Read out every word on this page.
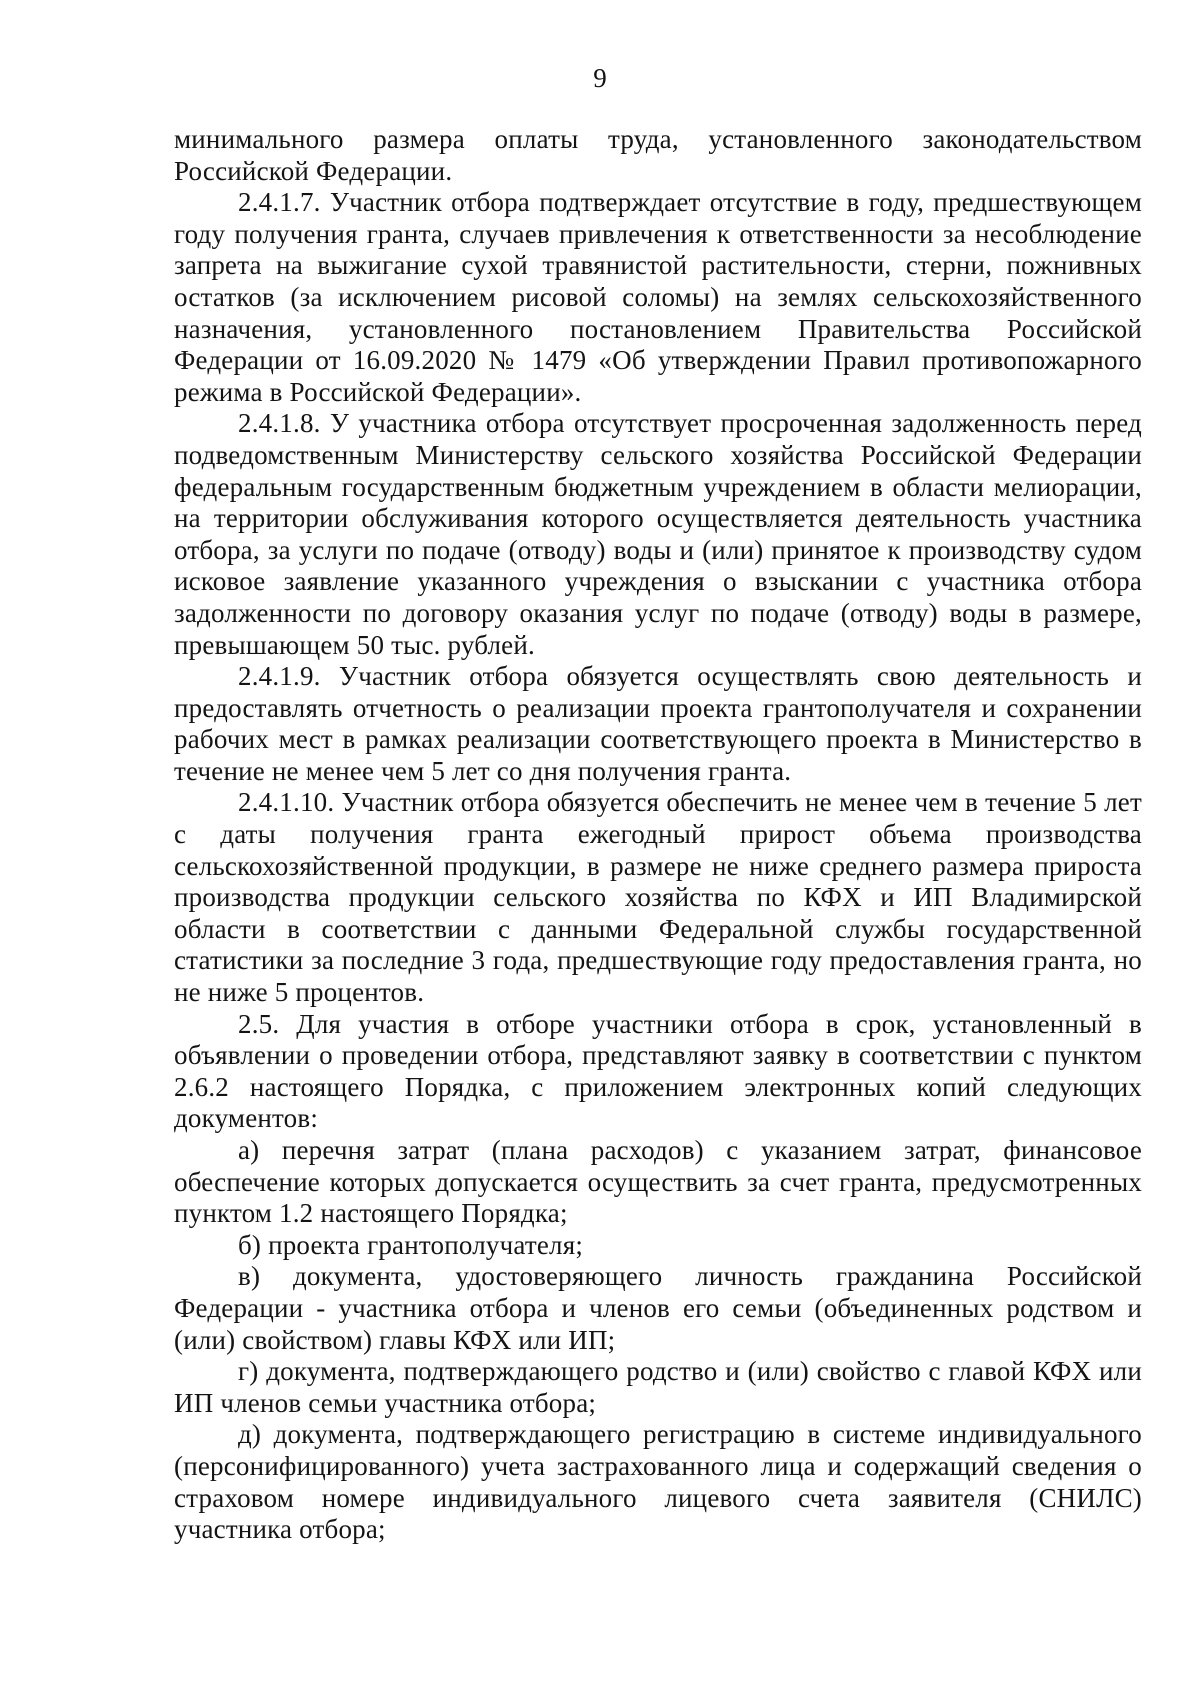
9

минимального размера оплаты труда, установленного законодательством Российской Федерации.

2.4.1.7. Участник отбора подтверждает отсутствие в году, предшествующем году получения гранта, случаев привлечения к ответственности за несоблюдение запрета на выжигание сухой травянистой растительности, стерни, пожнивных остатков (за исключением рисовой соломы) на землях сельскохозяйственного назначения, установленного постановлением Правительства Российской Федерации от 16.09.2020 № 1479 «Об утверждении Правил противопожарного режима в Российской Федерации».

2.4.1.8. У участника отбора отсутствует просроченная задолженность перед подведомственным Министерству сельского хозяйства Российской Федерации федеральным государственным бюджетным учреждением в области мелиорации, на территории обслуживания которого осуществляется деятельность участника отбора, за услуги по подаче (отводу) воды и (или) принятое к производству судом исковое заявление указанного учреждения о взыскании с участника отбора задолженности по договору оказания услуг по подаче (отводу) воды в размере, превышающем 50 тыс. рублей.

2.4.1.9. Участник отбора обязуется осуществлять свою деятельность и предоставлять отчетность о реализации проекта грантополучателя и сохранении рабочих мест в рамках реализации соответствующего проекта в Министерство в течение не менее чем 5 лет со дня получения гранта.

2.4.1.10. Участник отбора обязуется обеспечить не менее чем в течение 5 лет с даты получения гранта ежегодный прирост объема производства сельскохозяйственной продукции, в размере не ниже среднего размера прироста производства продукции сельского хозяйства по КФХ и ИП Владимирской области в соответствии с данными Федеральной службы государственной статистики за последние 3 года, предшествующие году предоставления гранта, но не ниже 5 процентов.

2.5. Для участия в отборе участники отбора в срок, установленный в объявлении о проведении отбора, представляют заявку в соответствии с пунктом 2.6.2 настоящего Порядка, с приложением электронных копий следующих документов:

а) перечня затрат (плана расходов) с указанием затрат, финансовое обеспечение которых допускается осуществить за счет гранта, предусмотренных пунктом 1.2 настоящего Порядка;

б) проекта грантополучателя;

в) документа, удостоверяющего личность гражданина Российской Федерации - участника отбора и членов его семьи (объединенных родством и (или) свойством) главы КФХ или ИП;

г) документа, подтверждающего родство и (или) свойство с главой КФХ или ИП членов семьи участника отбора;

д) документа, подтверждающего регистрацию в системе индивидуального (персонифицированного) учета застрахованного лица и содержащий сведения о страховом номере индивидуального лицевого счета заявителя (СНИЛС) участника отбора;
